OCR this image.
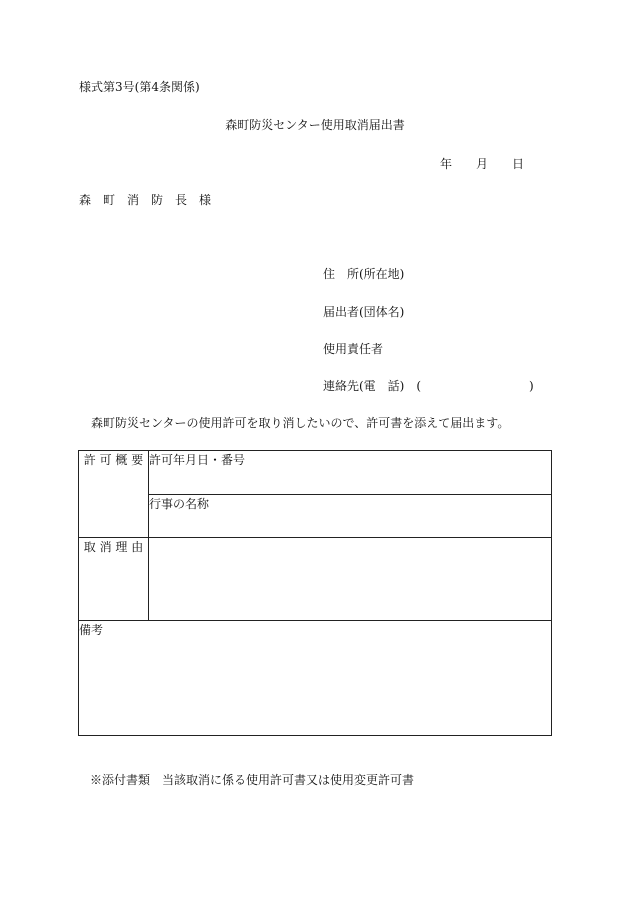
様式第3号(第4条関係)
森町防災センター使用取消届出書
年　　月　　日
森　町　消　防　長　様
住　所(所在地)
届出者(団体名)
使用責任者
連絡先(電　話)　(　　　　　　　　　)
森町防災センターの使用許可を取り消したいので、許可書を添えて届出ます。
許 可 概 要	許可年月日・番号
	行事の名称
取 消 理 由	
備考	
※添付書類　当該取消に係る使用許可書又は使用変更許可書
